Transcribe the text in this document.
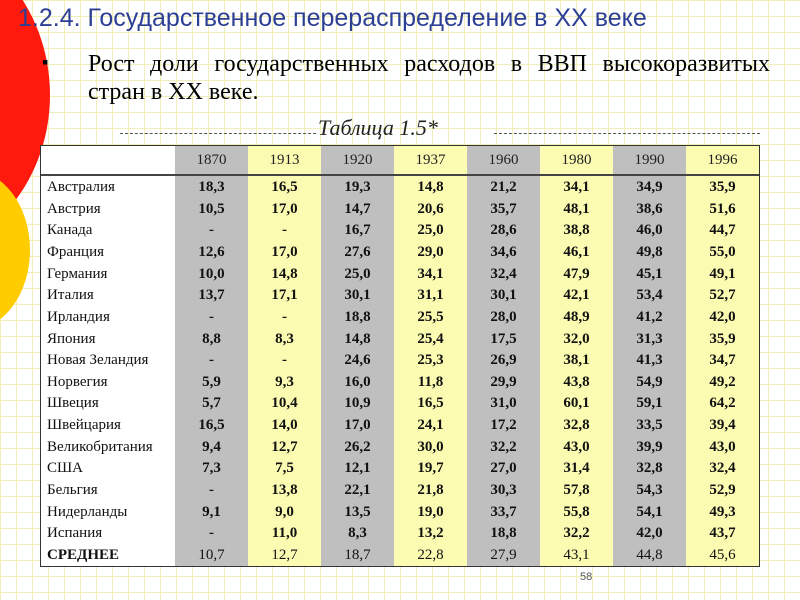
1.2.4. Государственное перераспределение в XX веке
▪ Рост доли государственных расходов в ВВП высокоразвитых стран в XX веке.

Таблица 1.5*

	1870	1913	1920	1937	1960	1980	1990	1996
Австралия	18,3	16,5	19,3	14,8	21,2	34,1	34,9	35,9
Австрия	10,5	17,0	14,7	20,6	35,7	48,1	38,6	51,6
Канада	-	-	16,7	25,0	28,6	38,8	46,0	44,7
Франция	12,6	17,0	27,6	29,0	34,6	46,1	49,8	55,0
Германия	10,0	14,8	25,0	34,1	32,4	47,9	45,1	49,1
Италия	13,7	17,1	30,1	31,1	30,1	42,1	53,4	52,7
Ирландия	-	-	18,8	25,5	28,0	48,9	41,2	42,0
Япония	8,8	8,3	14,8	25,4	17,5	32,0	31,3	35,9
Новая Зеландия	-	-	24,6	25,3	26,9	38,1	41,3	34,7
Норвегия	5,9	9,3	16,0	11,8	29,9	43,8	54,9	49,2
Швеция	5,7	10,4	10,9	16,5	31,0	60,1	59,1	64,2
Швейцария	16,5	14,0	17,0	24,1	17,2	32,8	33,5	39,4
Великобритания	9,4	12,7	26,2	30,0	32,2	43,0	39,9	43,0
США	7,3	7,5	12,1	19,7	27,0	31,4	32,8	32,4
Бельгия	-	13,8	22,1	21,8	30,3	57,8	54,3	52,9
Нидерланды	9,1	9,0	13,5	19,0	33,7	55,8	54,1	49,3
Испания	-	11,0	8,3	13,2	18,8	32,2	42,0	43,7
СРЕДНЕЕ	10,7	12,7	18,7	22,8	27,9	43,1	44,8	45,6
58
